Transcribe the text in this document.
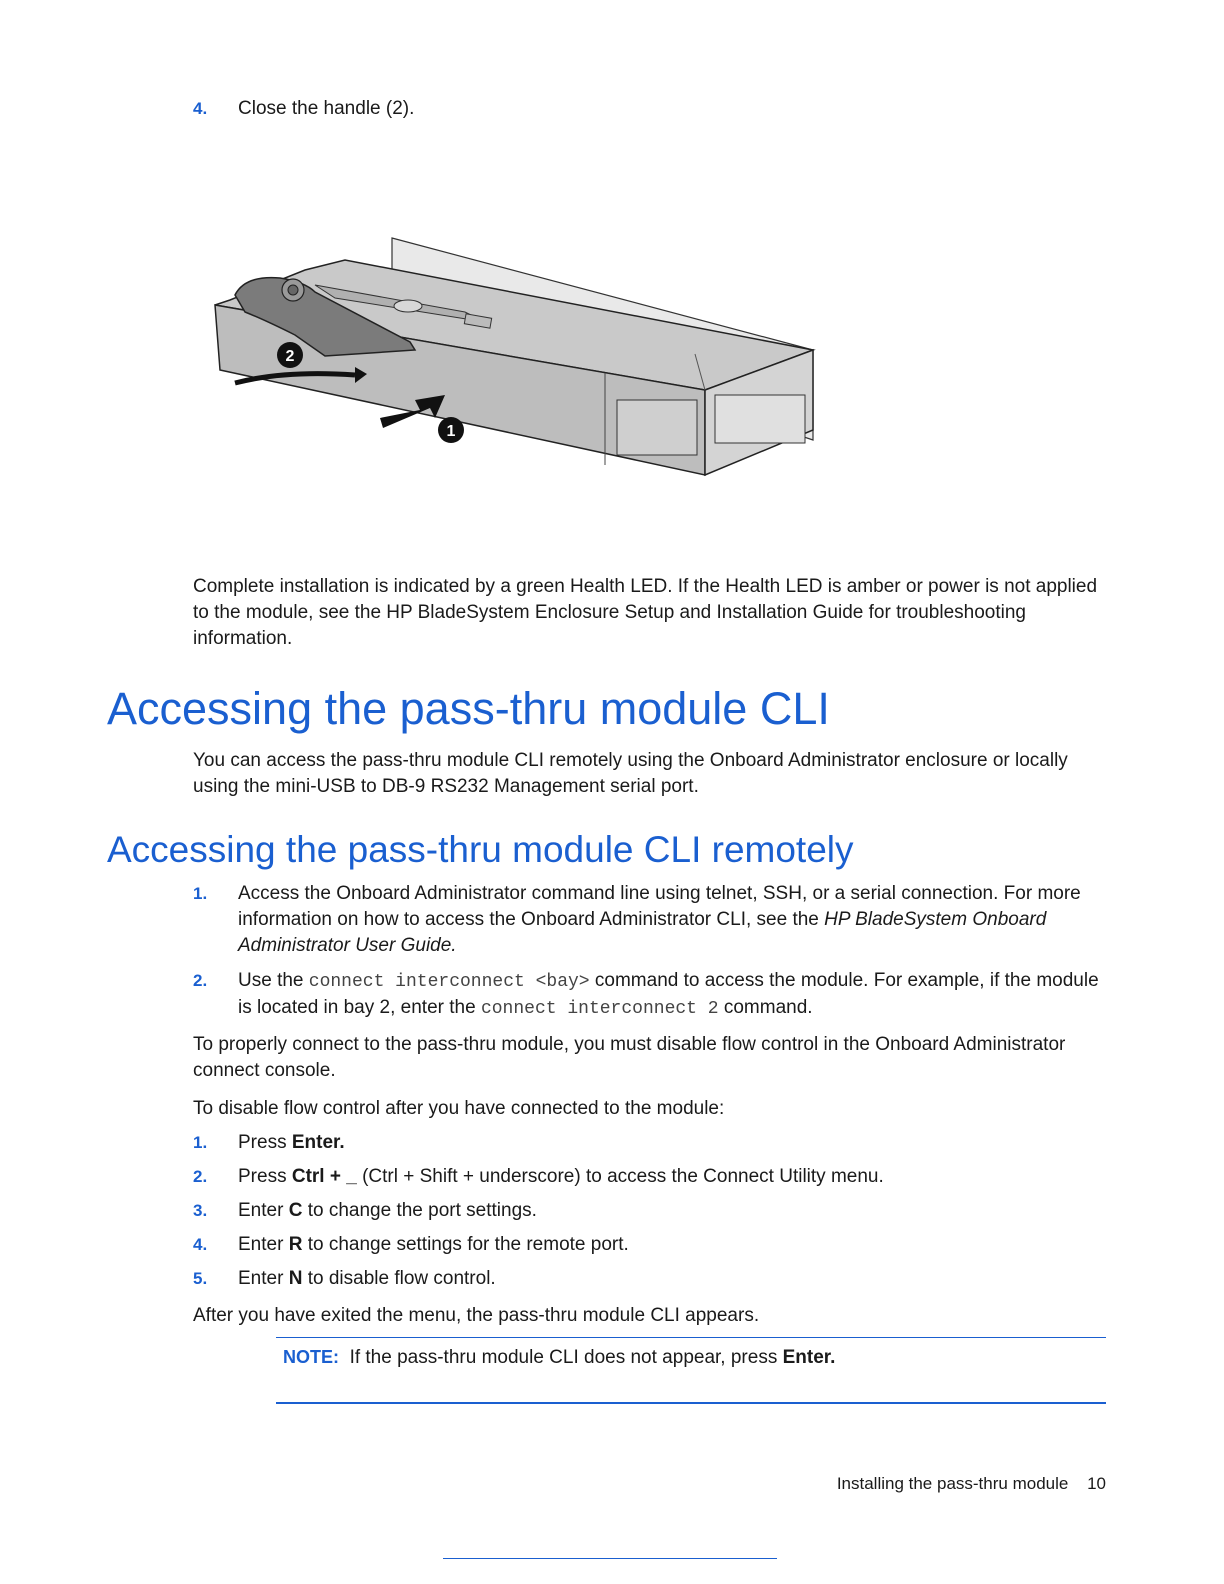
4. Close the handle (2).
2
1

Complete installation is indicated by a green Health LED. If the Health LED is amber or power is not applied to the module, see the HP BladeSystem Enclosure Setup and Installation Guide for troubleshooting information.

Accessing the pass-thru module CLI

You can access the pass-thru module CLI remotely using the Onboard Administrator enclosure or locally using the mini-USB to DB-9 RS232 Management serial port.

Accessing the pass-thru module CLI remotely
1. Access the Onboard Administrator command line using telnet, SSH, or a serial connection. For more information on how to access the Onboard Administrator CLI, see the HP BladeSystem Onboard Administrator User Guide.
2. Use the connect interconnect <bay> command to access the module. For example, if the module is located in bay 2, enter the connect interconnect 2 command.

To properly connect to the pass-thru module, you must disable flow control in the Onboard Administrator connect console.

To disable flow control after you have connected to the module:

1. Press Enter.
2. Press Ctrl + _ (Ctrl + Shift + underscore) to access the Connect Utility menu.
3. Enter C to change the port settings.
4. Enter R to change settings for the remote port.
5. Enter N to disable flow control.

After you have exited the menu, the pass-thru module CLI appears.

NOTE: If the pass-thru module CLI does not appear, press Enter.
Installing the pass-thru module 10
